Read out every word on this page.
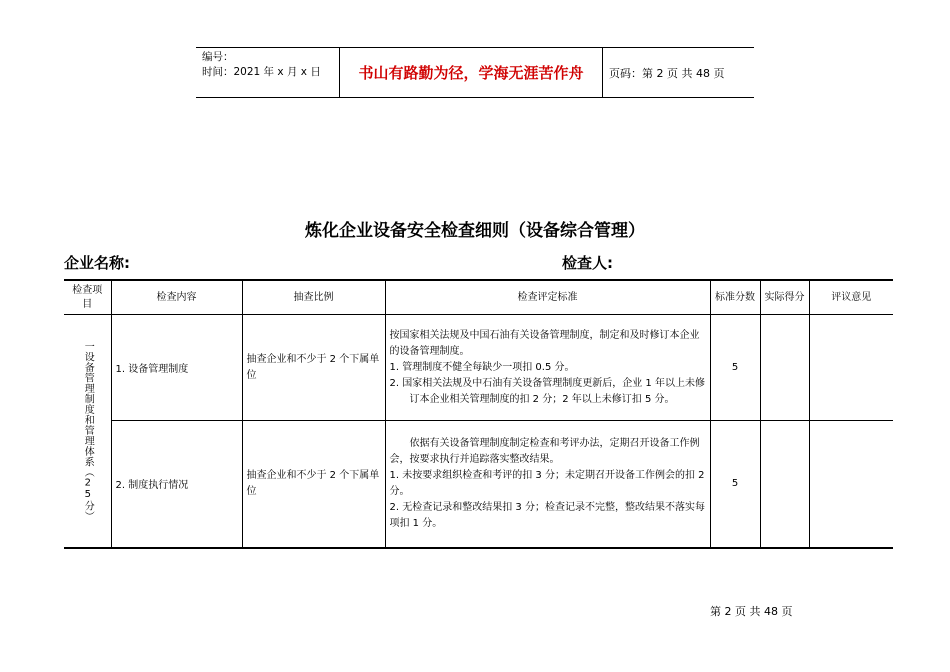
编号：
时间：2021 年 x 月 x 日	书山有路勤为径，学海无涯苦作舟	页码：第 2 页 共 48 页
炼化企业设备安全检查细则（设备综合管理）
企业名称:	检查人:
检查项目	检查内容	抽查比例	检查评定标准	标准分数	实际得分	评议意见

一设备管理制度和管理体系（25分）	1. 设备管理制度	抽查企业和不少于 2 个下属单位	按国家相关法规及中国石油有关设备管理制度，制定和及时修订本企业的设备管理制度。

1. 管理制度不健全每缺少一项扣 0.5 分。

2. 国家相关法规及中石油有关设备管理制度更新后，企业 1 年以上未修订本企业相关管理制度的扣 2 分；2 年以上未修订扣 5 分。	5		
	2. 制度执行情况	抽查企业和不少于 2 个下属单位	依据有关设备管理制度制定检查和考评办法，定期召开设备工作例会，按要求执行并追踪落实整改结果。

1. 未按要求组织检查和考评的扣 3 分；未定期召开设备工作例会的扣 2 分。

2. 无检查记录和整改结果扣 3 分；检查记录不完整，整改结果不落实每项扣 1 分。	5		
第 2 页 共 48 页
